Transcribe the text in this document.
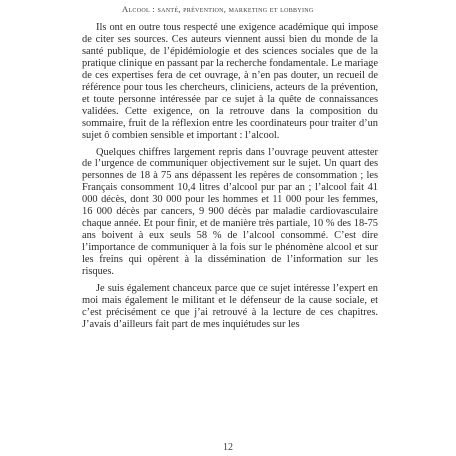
Alcool : santé, prévention, marketing et lobbying

Ils ont en outre tous respecté une exigence académique qui impose de citer ses sources. Ces auteurs viennent aussi bien du monde de la santé publique, de l’épidémiologie et des sciences sociales que de la pratique clinique en passant par la recherche fondamentale. Le mariage de ces expertises fera de cet ouvrage, à n’en pas douter, un recueil de référence pour tous les chercheurs, cliniciens, acteurs de la prévention, et toute personne intéressée par ce sujet à la quête de connaissances validées. Cette exigence, on la retrouve dans la composition du sommaire, fruit de la réflexion entre les coordinateurs pour traiter d’un sujet ô combien sensible et important : l’alcool.

Quelques chiffres largement repris dans l’ouvrage peuvent attester de l’urgence de communiquer objectivement sur le sujet. Un quart des personnes de 18 à 75 ans dépassent les repères de consommation ; les Français consomment 10,4 litres d’alcool pur par an ; l’alcool fait 41 000 décès, dont 30 000 pour les hommes et 11 000 pour les femmes, 16 000 décès par cancers, 9 900 décès par maladie cardiovasculaire chaque année. Et pour finir, et de manière très partiale, 10 % des 18-75 ans boivent à eux seuls 58 % de l’alcool consommé. C’est dire l’importance de communiquer à la fois sur le phénomène alcool et sur les freins qui opèrent à la dissémination de l’information sur les risques.

Je suis également chanceux parce que ce sujet intéresse l’expert en moi mais également le militant et le défenseur de la cause sociale, et c’est précisément ce que j’ai retrouvé à la lecture de ces chapitres. J’avais d’ailleurs fait part de mes inquiétudes sur les

12
